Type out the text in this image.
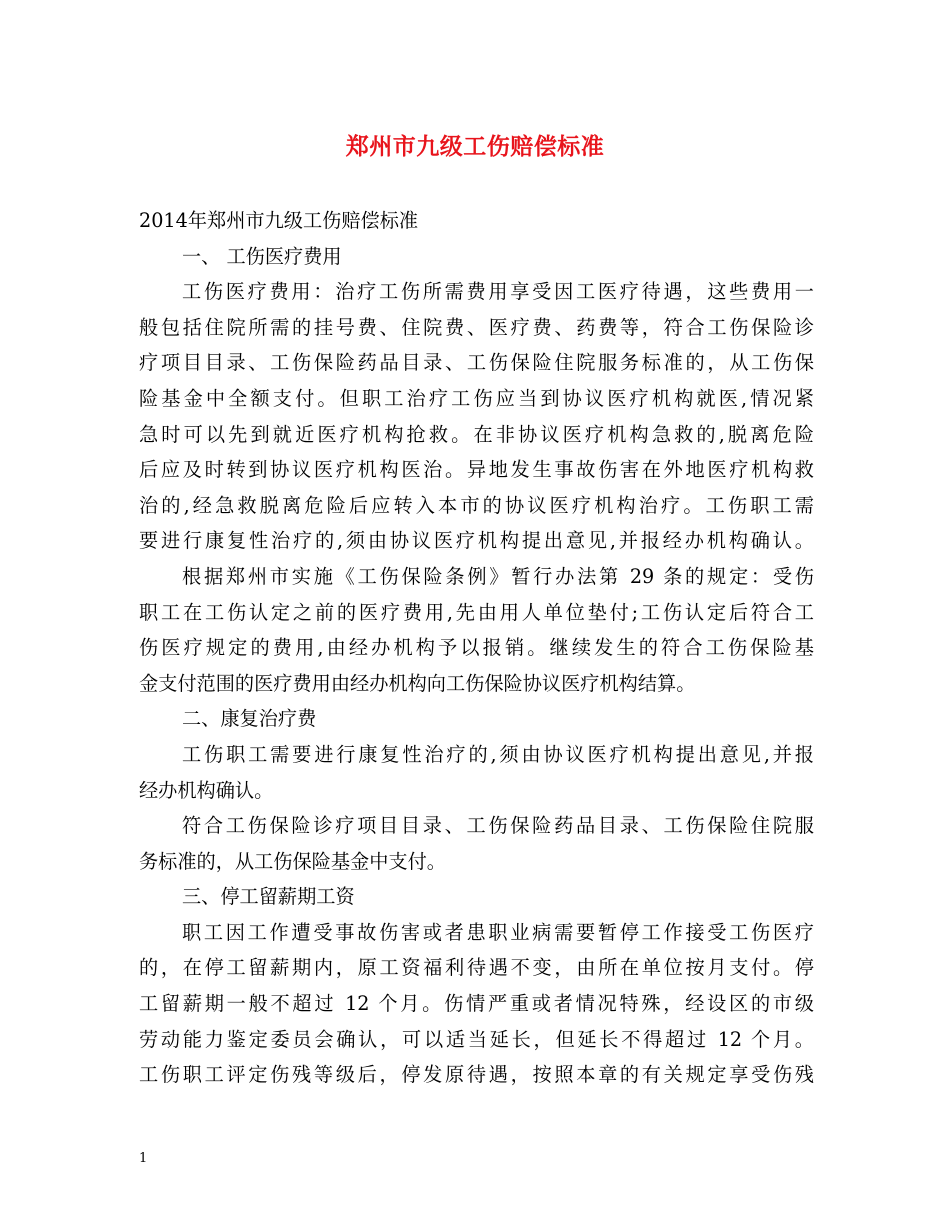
郑州市九级工伤赔偿标准
2014年郑州市九级工伤赔偿标准
一、 工伤医疗费用
工伤医疗费用：治疗工伤所需费用享受因工医疗待遇，这些费用一
般包括住院所需的挂号费、住院费、医疗费、药费等，符合工伤保险诊
疗项目目录、工伤保险药品目录、工伤保险住院服务标准的，从工伤保
险基金中全额支付。但职工治疗工伤应当到协议医疗机构就医,情况紧
急时可以先到就近医疗机构抢救。在非协议医疗机构急救的,脱离危险
后应及时转到协议医疗机构医治。异地发生事故伤害在外地医疗机构救
治的,经急救脱离危险后应转入本市的协议医疗机构治疗。工伤职工需
要进行康复性治疗的,须由协议医疗机构提出意见,并报经办机构确认。
根据郑州市实施《工伤保险条例》暂行办法第 29 条的规定：受伤
职工在工伤认定之前的医疗费用,先由用人单位垫付;工伤认定后符合工
伤医疗规定的费用,由经办机构予以报销。继续发生的符合工伤保险基
金支付范围的医疗费用由经办机构向工伤保险协议医疗机构结算。
二、康复治疗费
工伤职工需要进行康复性治疗的,须由协议医疗机构提出意见,并报
经办机构确认。
符合工伤保险诊疗项目目录、工伤保险药品目录、工伤保险住院服
务标准的，从工伤保险基金中支付。
三、停工留薪期工资
职工因工作遭受事故伤害或者患职业病需要暂停工作接受工伤医疗
的，在停工留薪期内，原工资福利待遇不变，由所在单位按月支付。停
工留薪期一般不超过 12 个月。伤情严重或者情况特殊，经设区的市级
劳动能力鉴定委员会确认，可以适当延长，但延长不得超过 12 个月。
工伤职工评定伤残等级后，停发原待遇，按照本章的有关规定享受伤残
1
